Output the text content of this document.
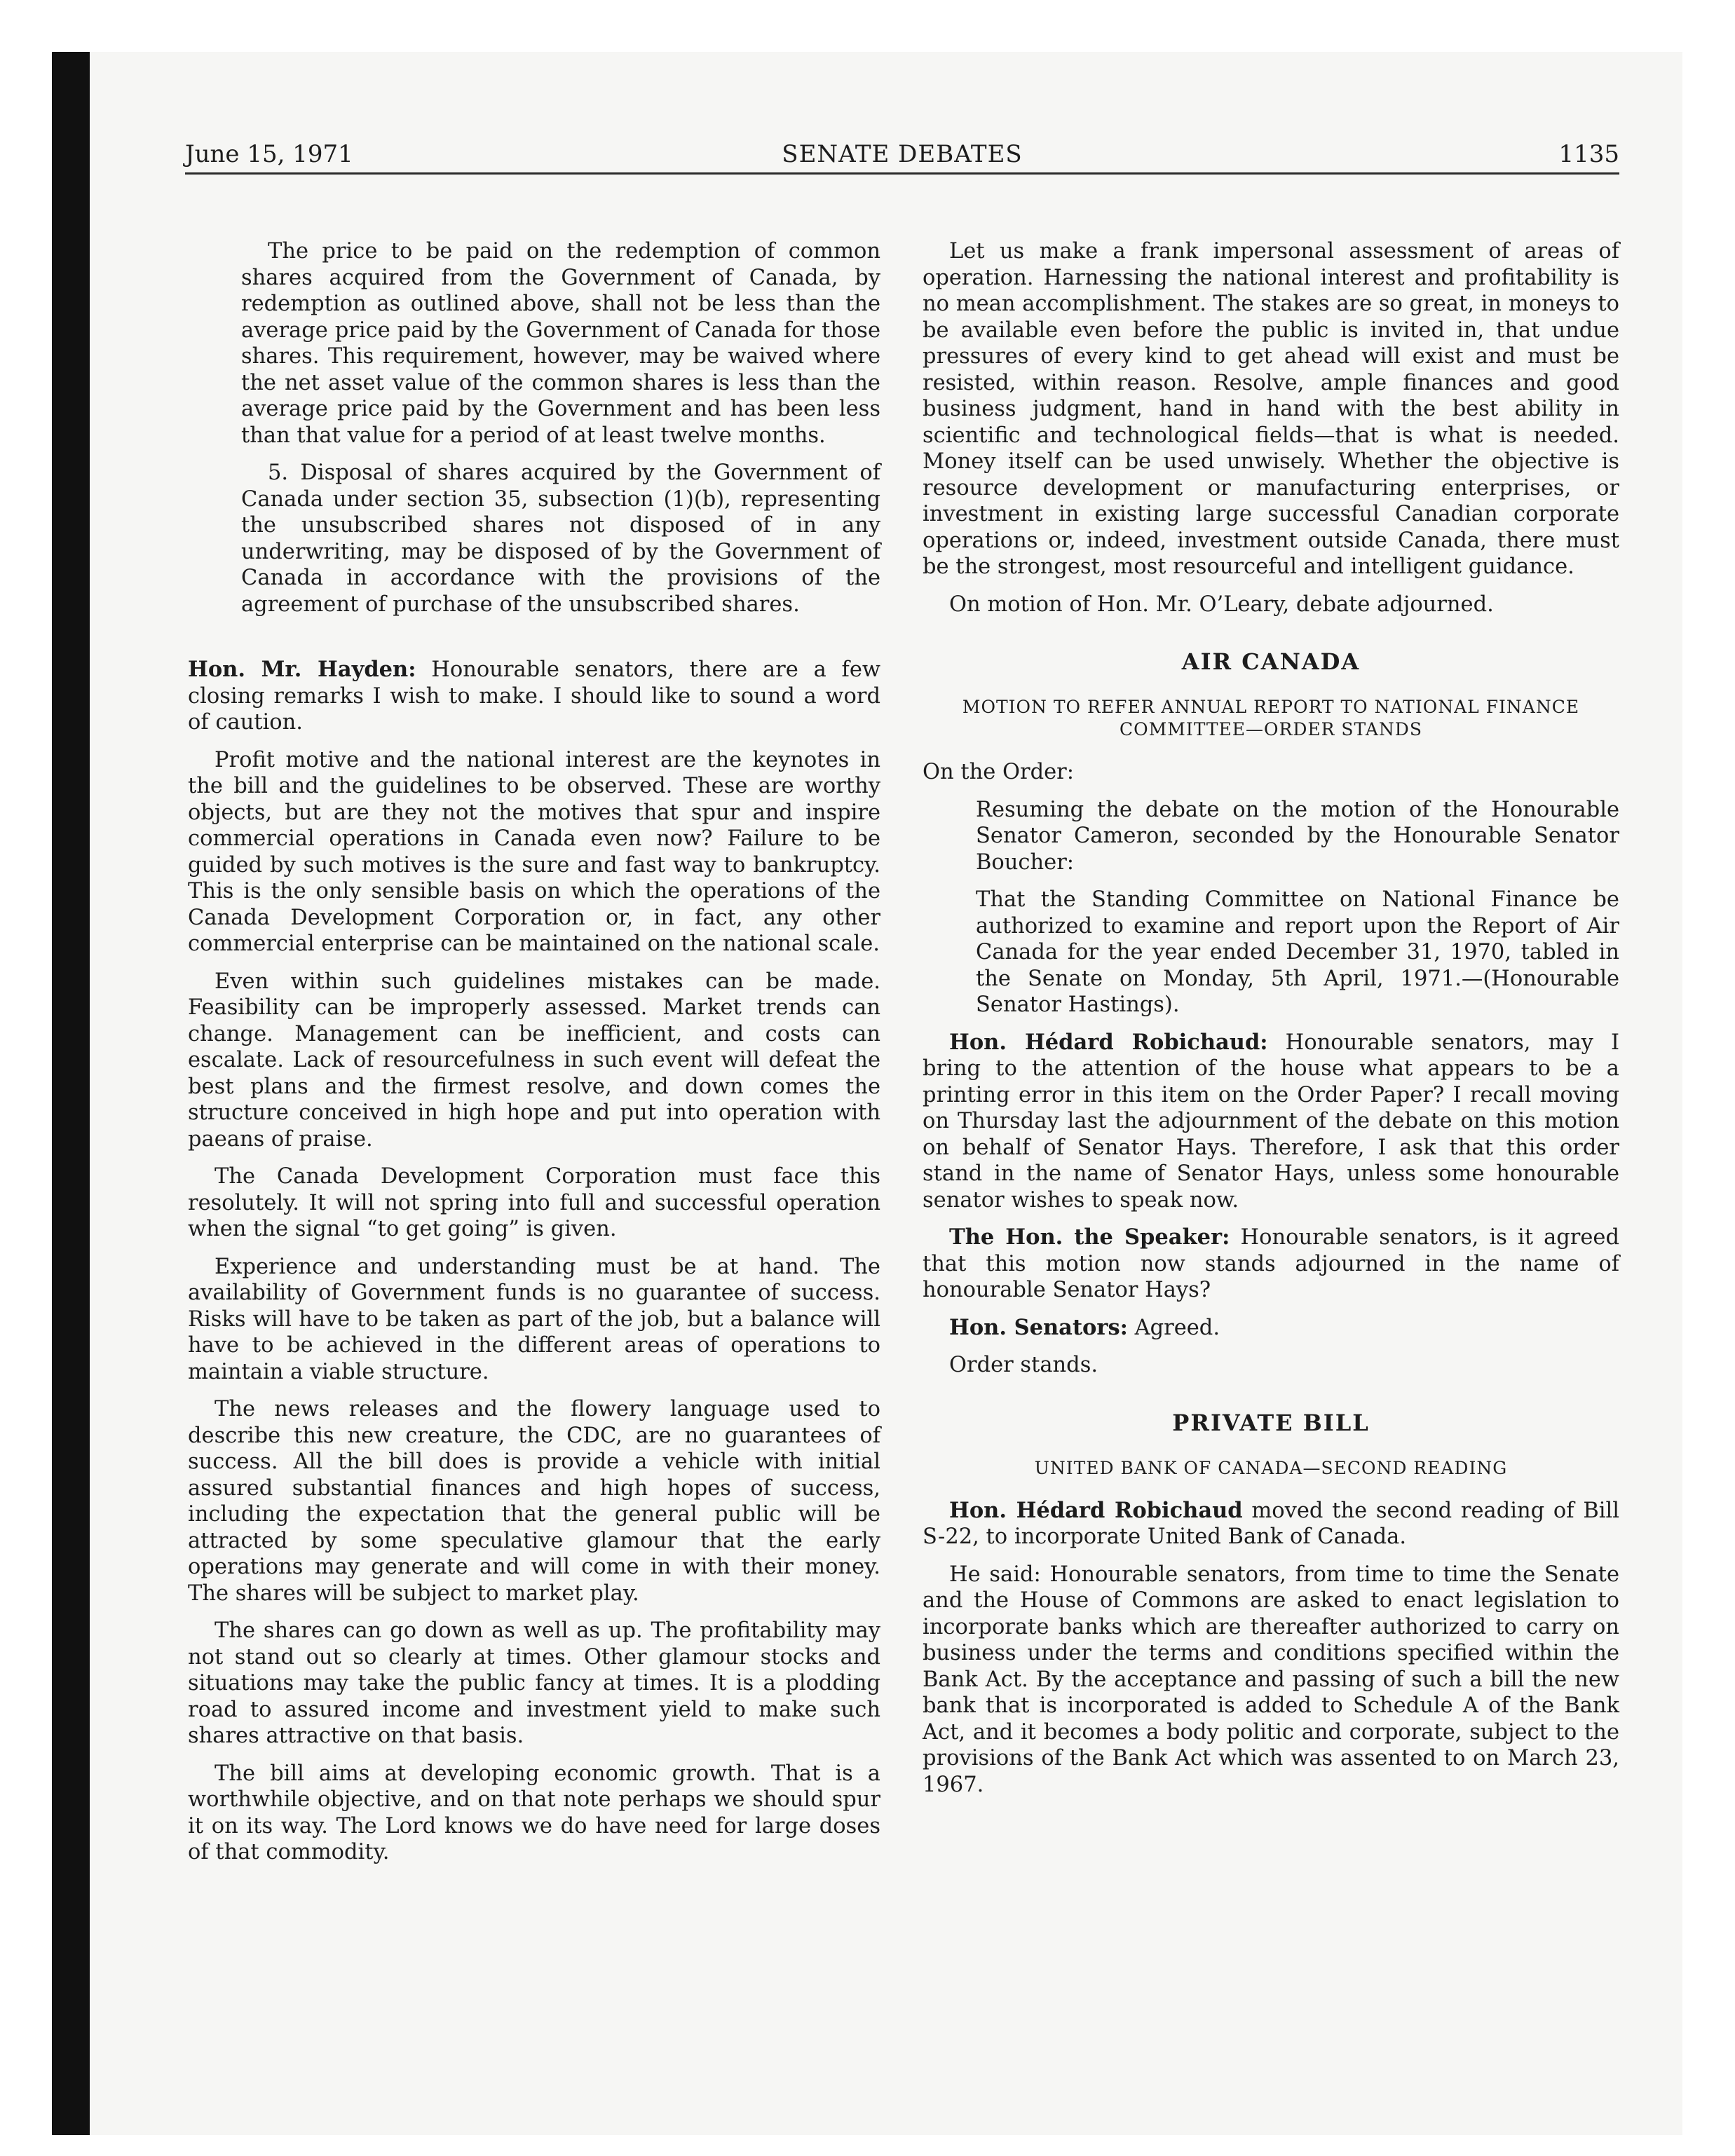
June 15, 1971	SENATE DEBATES	1135

The price to be paid on the redemption of common shares acquired from the Government of Canada, by redemption as outlined above, shall not be less than the average price paid by the Government of Canada for those shares. This requirement, however, may be waived where the net asset value of the common shares is less than the average price paid by the Government and has been less than that value for a period of at least twelve months.

5. Disposal of shares acquired by the Government of Canada under section 35, subsection (1)(b), representing the unsubscribed shares not disposed of in any underwriting, may be disposed of by the Government of Canada in accordance with the provisions of the agreement of purchase of the unsubscribed shares.

Hon. Mr. Hayden: Honourable senators, there are a few closing remarks I wish to make. I should like to sound a word of caution.

Profit motive and the national interest are the keynotes in the bill and the guidelines to be observed. These are worthy objects, but are they not the motives that spur and inspire commercial operations in Canada even now? Failure to be guided by such motives is the sure and fast way to bankruptcy. This is the only sensible basis on which the operations of the Canada Development Corporation or, in fact, any other commercial enterprise can be maintained on the national scale.

Even within such guidelines mistakes can be made. Feasibility can be improperly assessed. Market trends can change. Management can be inefficient, and costs can escalate. Lack of resourcefulness in such event will defeat the best plans and the firmest resolve, and down comes the structure conceived in high hope and put into operation with paeans of praise.

The Canada Development Corporation must face this resolutely. It will not spring into full and successful operation when the signal “to get going” is given.

Experience and understanding must be at hand. The availability of Government funds is no guarantee of success. Risks will have to be taken as part of the job, but a balance will have to be achieved in the different areas of operations to maintain a viable structure.

The news releases and the flowery language used to describe this new creature, the CDC, are no guarantees of success. All the bill does is provide a vehicle with initial assured substantial finances and high hopes of success, including the expectation that the general public will be attracted by some speculative glamour that the early operations may generate and will come in with their money. The shares will be subject to market play.

The shares can go down as well as up. The profitability may not stand out so clearly at times. Other glamour stocks and situations may take the public fancy at times. It is a plodding road to assured income and investment yield to make such shares attractive on that basis.

The bill aims at developing economic growth. That is a worthwhile objective, and on that note perhaps we should spur it on its way. The Lord knows we do have need for large doses of that commodity.

Let us make a frank impersonal assessment of areas of operation. Harnessing the national interest and profitability is no mean accomplishment. The stakes are so great, in moneys to be available even before the public is invited in, that undue pressures of every kind to get ahead will exist and must be resisted, within reason. Resolve, ample finances and good business judgment, hand in hand with the best ability in scientific and technological fields—that is what is needed. Money itself can be used unwisely. Whether the objective is resource development or manufacturing enterprises, or investment in existing large successful Canadian corporate operations or, indeed, investment outside Canada, there must be the strongest, most resourceful and intelligent guidance.

On motion of Hon. Mr. O’Leary, debate adjourned.

AIR CANADA
MOTION TO REFER ANNUAL REPORT TO NATIONAL FINANCE COMMITTEE—ORDER STANDS

On the Order:

Resuming the debate on the motion of the Honourable Senator Cameron, seconded by the Honourable Senator Boucher:

That the Standing Committee on National Finance be authorized to examine and report upon the Report of Air Canada for the year ended December 31, 1970, tabled in the Senate on Monday, 5th April, 1971.—(Honourable Senator Hastings).

Hon. Hédard Robichaud: Honourable senators, may I bring to the attention of the house what appears to be a printing error in this item on the Order Paper? I recall moving on Thursday last the adjournment of the debate on this motion on behalf of Senator Hays. Therefore, I ask that this order stand in the name of Senator Hays, unless some honourable senator wishes to speak now.

The Hon. the Speaker: Honourable senators, is it agreed that this motion now stands adjourned in the name of honourable Senator Hays?

Hon. Senators: Agreed.

Order stands.

PRIVATE BILL
UNITED BANK OF CANADA—SECOND READING

Hon. Hédard Robichaud moved the second reading of Bill S-22, to incorporate United Bank of Canada.

He said: Honourable senators, from time to time the Senate and the House of Commons are asked to enact legislation to incorporate banks which are thereafter authorized to carry on business under the terms and conditions specified within the Bank Act. By the acceptance and passing of such a bill the new bank that is incorporated is added to Schedule A of the Bank Act, and it becomes a body politic and corporate, subject to the provisions of the Bank Act which was assented to on March 23, 1967.
